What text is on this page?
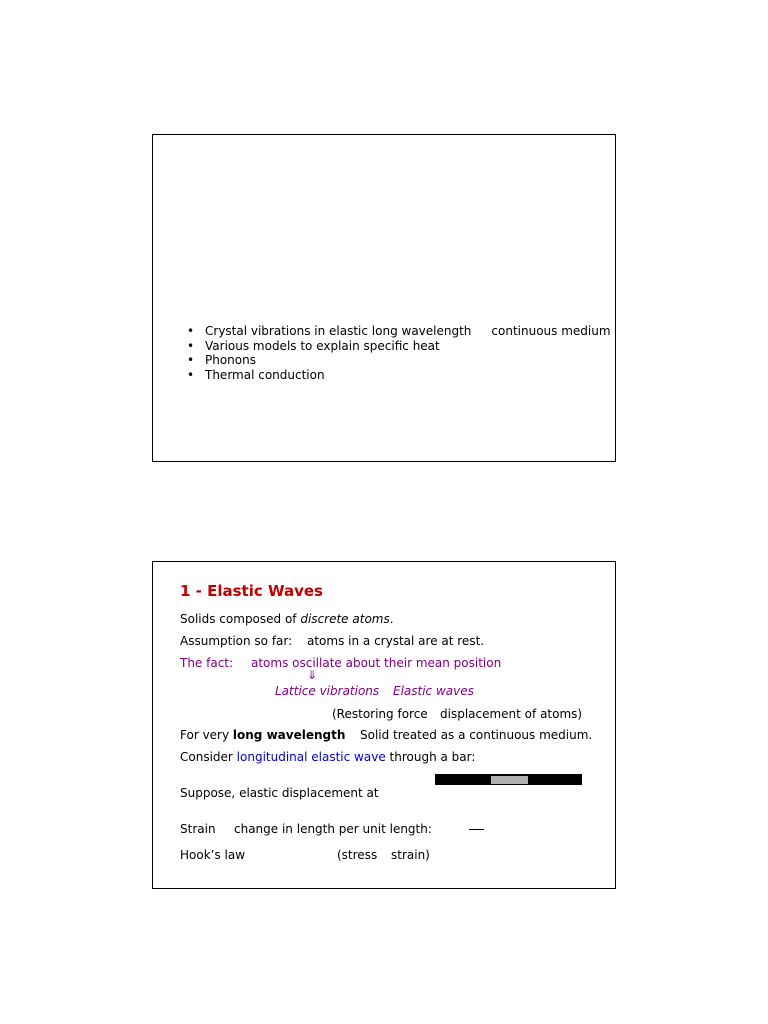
• Crystal vibrations in elastic long wavelength continuous medium
• Various models to explain specific heat
• Phonons
• Thermal conduction
1 - Elastic Waves
Solids composed of discrete atoms.
Assumption so far: atoms in a crystal are at rest.
The fact: atoms oscillate about their mean position
⇓
Lattice vibrations Elastic waves
(Restoring force displacement of atoms)
For very long wavelength Solid treated as a continuous medium.
Consider longitudinal elastic wave through a bar:
Suppose, elastic displacement at
Strain change in length per unit length:
Hook’s law	(stress strain)
